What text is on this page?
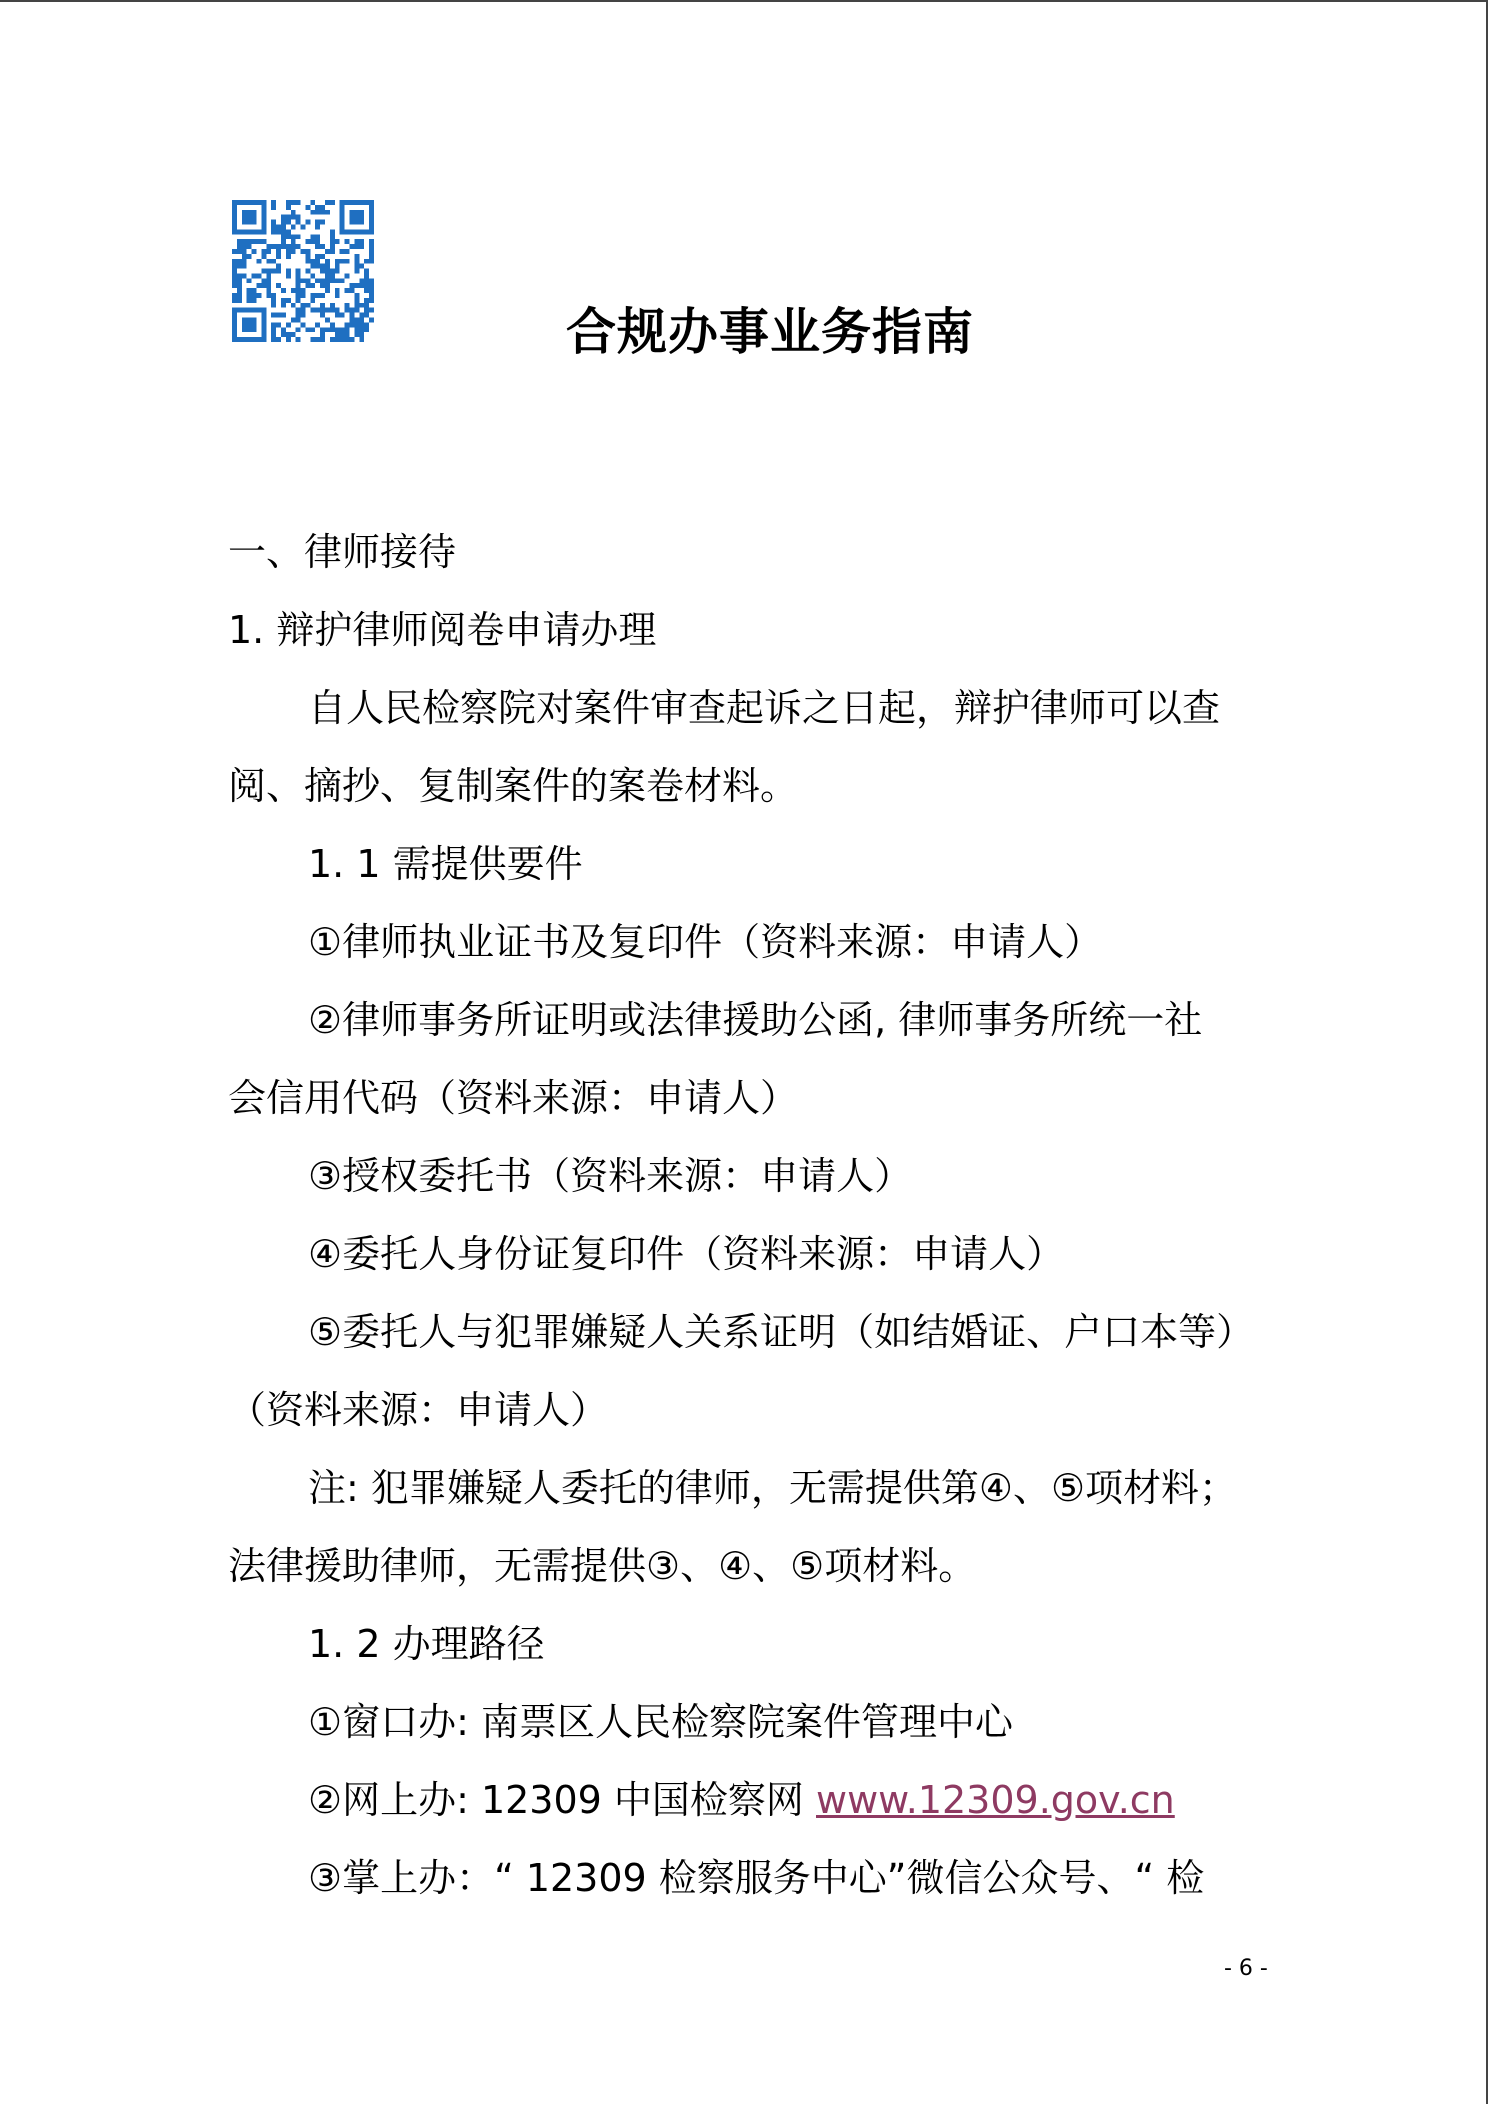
合规办事业务指南
一、律师接待
1. 辩护律师阅卷申请办理
自人民检察院对案件审查起诉之日起，辩护律师可以查
阅、摘抄、复制案件的案卷材料。
1. 1 需提供要件
①律师执业证书及复印件（资料来源：申请人）
②律师事务所证明或法律援助公函, 律师事务所统一社
会信用代码（资料来源：申请人）
③授权委托书（资料来源：申请人）
④委托人身份证复印件（资料来源：申请人）
⑤委托人与犯罪嫌疑人关系证明（如结婚证、户口本等）
（资料来源：申请人）
注: 犯罪嫌疑人委托的律师，无需提供第④、⑤项材料；
法律援助律师，无需提供③、④、⑤项材料。
1. 2 办理路径
①窗口办: 南票区人民检察院案件管理中心
②网上办: 12309 中国检察网 www.12309.gov.cn
③掌上办：“ 12309 检察服务中心”微信公众号、“ 检
- 6 -
